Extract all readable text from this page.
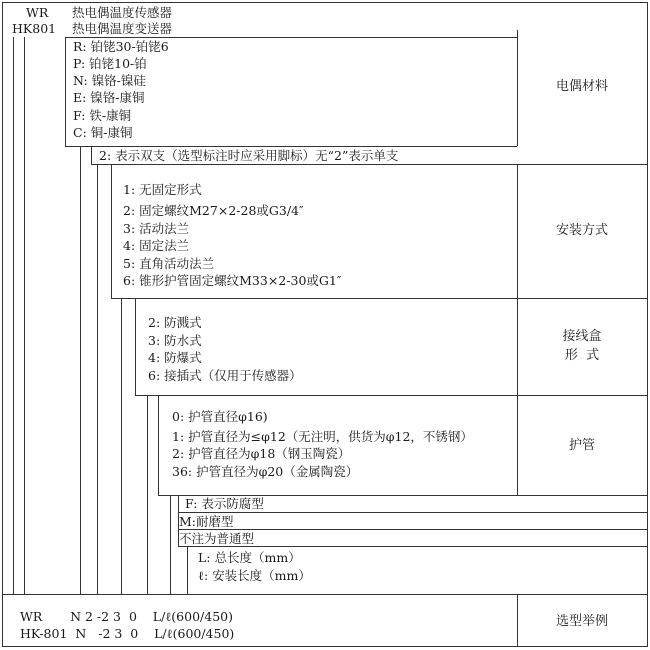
WR 热电偶温度传感器
HK801 热电偶温度变送器
R: 铂铑30-铂铑6
P: 铂铑10-铂
N: 镍铬-镍硅
E: 镍铬-康铜
F: 铁-康铜
C: 铜-康铜
电偶材料
2: 表示双支（选型标注时应采用脚标）无“2”表示单支
1: 无固定形式
2: 固定螺纹M27×2-28或G3/4″
3: 活动法兰
4: 固定法兰
5: 直角活动法兰
6: 锥形护管固定螺纹M33×2-30或G1″
安装方式
2: 防溅式
3: 防水式
4: 防爆式
6: 接插式（仅用于传感器）
接线盒
形  式
0: 护管直径φ16)
1: 护管直径为≤φ12（无注明，供货为φ12，不锈钢）
2: 护管直径为φ18（钢玉陶瓷）
36: 护管直径为φ20（金属陶瓷）
护管
F: 表示防腐型
M:耐磨型
不注为普通型
L: 总长度（mm）
ℓ: 安装长度（mm）
WR       N 2 -2 3  0    L/ℓ(600/450)
HK-801  N   -2 3  0    L/ℓ(600/450)
选型举例
